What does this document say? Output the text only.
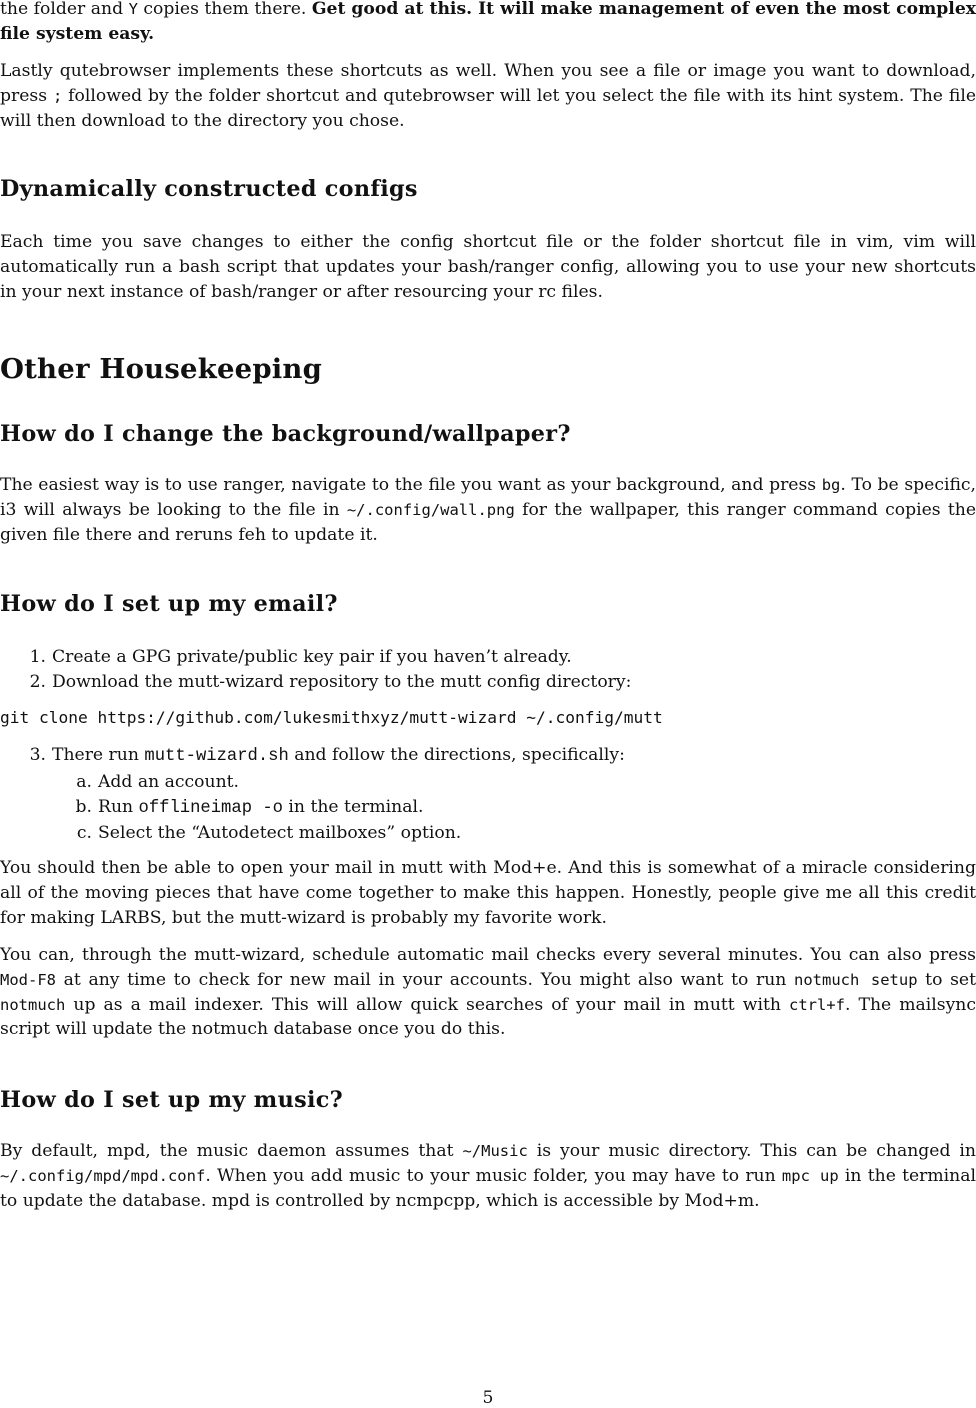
the folder and Y copies them there. Get good at this. It will make management of even the most complex file system easy.

Lastly qutebrowser implements these shortcuts as well. When you see a file or image you want to download, press ; followed by the folder shortcut and qutebrowser will let you select the file with its hint system. The file will then download to the directory you chose.

Dynamically constructed configs

Each time you save changes to either the config shortcut file or the folder shortcut file in vim, vim will automatically run a bash script that updates your bash/ranger config, allowing you to use your new shortcuts in your next instance of bash/ranger or after resourcing your rc files.

Other Housekeeping
How do I change the background/wallpaper?

The easiest way is to use ranger, navigate to the file you want as your background, and press bg. To be specific, i3 will always be looking to the file in ~/.config/wall.png for the wallpaper, this ranger command copies the given file there and reruns feh to update it.

How do I set up my email?
1. Create a GPG private/public key pair if you haven’t already.
2. Download the mutt-wizard repository to the mutt config directory:
git clone https://github.com/lukesmithxyz/mutt-wizard ~/.config/mutt
3. There run mutt-wizard.sh and follow the directions, specifically:
a. Add an account.
b. Run offlineimap -o in the terminal.
c. Select the “Autodetect mailboxes” option.

You should then be able to open your mail in mutt with Mod+e. And this is somewhat of a miracle considering all of the moving pieces that have come together to make this happen. Honestly, people give me all this credit for making LARBS, but the mutt-wizard is probably my favorite work.

You can, through the mutt-wizard, schedule automatic mail checks every several minutes. You can also press Mod-F8 at any time to check for new mail in your accounts. You might also want to run notmuch setup to set notmuch up as a mail indexer. This will allow quick searches of your mail in mutt with ctrl+f. The mailsync script will update the notmuch database once you do this.

How do I set up my music?

By default, mpd, the music daemon assumes that ~/Music is your music directory. This can be changed in ~/.config/mpd/mpd.conf. When you add music to your music folder, you may have to run mpc up in the terminal to update the database. mpd is controlled by ncmpcpp, which is accessible by Mod+m.

5
